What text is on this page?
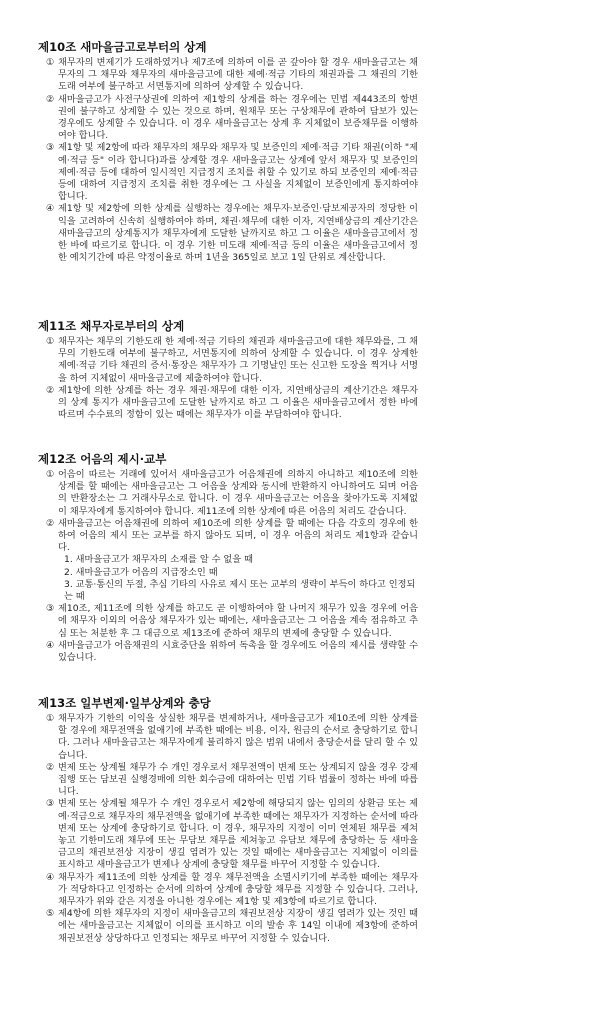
제10조 새마을금고로부터의 상계
① 채무자의 변제기가 도래하였거나 제7조에 의하여 이를 곧 갚아야 할 경우 새마을금고는 채무자의 그 채무와 채무자의 새마을금고에 대한 제예·적금 기타의 채권과를 그 채권의 기한도래 여부에 불구하고 서면통지에 의하여 상계할 수 있습니다.
② 새마을금고가 사전구상권에 의하여 제1항의 상계를 하는 경우에는 민법 제443조의 항변권에 불구하고 상계할 수 있는 것으로 하며, 원채무 또는 구상채무에 관하여 담보가 있는 경우에도 상계할 수 있습니다. 이 경우 새마을금고는 상계 후 지체없이 보증채무를 이행하여야 합니다.
③ 제1항 및 제2항에 따라 채무자의 채무와 채무자 및 보증인의 제예·적금 기타 채권(이하 "제예·적금 등" 이라 합니다)과를 상계할 경우 새마을금고는 상계에 앞서 채무자 및 보증인의 제예·적금 등에 대하여 일시적인 지급정지 조치를 취할 수 있기로 하되 보증인의 제예·적금 등에 대하여 지급정지 조치를 취한 경우에는 그 사실을 지체없이 보증인에게 통지하여야 합니다.
④ 제1항 및 제2항에 의한 상계를 실행하는 경우에는 채무자·보증인·담보제공자의 정당한 이익을 고려하여 신속히 실행하여야 하며, 채권·채무에 대한 이자, 지연배상금의 계산기간은 새마을금고의 상계통지가 채무자에게 도달한 날까지로 하고 그 이율은 새마을금고에서 정한 바에 따르기로 합니다. 이 경우 기한 미도래 제예·적금 등의 이율은 새마을금고에서 정한 예치기간에 따른 약정이율로 하며 1년을 365일로 보고 1일 단위로 계산합니다.
제11조 채무자로부터의 상계
① 채무자는 채무의 기한도래 한 제예·적금 기타의 채권과 새마을금고에 대한 채무와를, 그 채무의 기한도래 여부에 불구하고, 서면통지에 의하여 상계할 수 있습니다. 이 경우 상계한 제예·적금 기타 채권의 증서·통장은 채무자가 그 기명날인 또는 신고한 도장을 찍거나 서명을 하여 지체없이 새마을금고에 제출하여야 합니다.
② 제1항에 의한 상계를 하는 경우 채권·채무에 대한 이자, 지연배상금의 계산기간은 채무자의 상계 통지가 새마을금고에 도달한 날까지로 하고 그 이율은 새마을금고에서 정한 바에 따르며 수수료의 정함이 있는 때에는 채무자가 이를 부담하여야 합니다.
제12조 어음의 제시·교부
① 어음이 따르는 거래에 있어서 새마을금고가 어음채권에 의하지 아니하고 제10조에 의한 상계를 할 때에는 새마을금고는 그 어음을 상계와 동시에 반환하지 아니하여도 되며 어음의 반환장소는 그 거래사무소로 합니다. 이 경우 새마을금고는 어음을 찾아가도록 지체없이 채무자에게 통지하여야 합니다. 제11조에 의한 상계에 따른 어음의 처리도 같습니다.
② 새마을금고는 어음채권에 의하여 제10조에 의한 상계를 할 때에는 다음 각호의 경우에 한하여 어음의 제시 또는 교부를 하지 않아도 되며, 이 경우 어음의 처리도 제1항과 같습니다.
1. 새마을금고가 채무자의 소재를 알 수 없을 때
2. 새마을금고가 어음의 지급장소인 때
3. 교통·통신의 두절, 추심 기타의 사유로 제시 또는 교부의 생략이 부득이 하다고 인정되는 때
③ 제10조, 제11조에 의한 상계를 하고도 곧 이행하여야 할 나머지 채무가 있을 경우에 어음에 채무자 이외의 어음상 채무자가 있는 때에는, 새마을금고는 그 어음을 계속 점유하고 추심 또는 처분한 후 그 대금으로 제13조에 준하여 채무의 변제에 충당할 수 있습니다.
④ 새마을금고가 어음채권의 시효중단을 위하여 독촉을 할 경우에도 어음의 제시를 생략할 수 있습니다.
제13조 일부변제·일부상계와 충당
① 채무자가 기한의 이익을 상실한 채무를 변제하거나, 새마을금고가 제10조에 의한 상계를 할 경우에 채무전액을 없애기에 부족한 때에는 비용, 이자, 원금의 순서로 충당하기로 합니다. 그러나 새마을금고는 채무자에게 불리하지 않은 범위 내에서 충당순서를 달리 할 수 있습니다.
② 변제 또는 상계될 채무가 수 개인 경우로서 채무전액이 변제 또는 상계되지 않을 경우 강제집행 또는 담보권 실행경매에 의한 회수금에 대하여는 민법 기타 법률이 정하는 바에 따릅니다.
③ 변제 또는 상계될 채무가 수 개인 경우로서 제2항에 해당되지 않는 임의의 상환금 또는 제예·적금으로 채무자의 채무전액을 없애기에 부족한 때에는 채무자가 지정하는 순서에 따라 변제 또는 상계에 충당하기로 합니다. 이 경우, 채무자의 지정이 이미 연체된 채무를 제쳐놓고 기한미도래 채무에 또는 무담보 채무를 제쳐놓고 유담보 채무에 충당하는 등 새마을금고의 채권보전상 지장이 생길 염려가 있는 것일 때에는 새마을금고는 지체없이 이의를 표시하고 새마을금고가 변제나 상계에 충당할 채무를 바꾸어 지정할 수 있습니다.
④ 채무자가 제11조에 의한 상계를 할 경우 채무전액을 소멸시키기에 부족한 때에는 채무자가 적당하다고 인정하는 순서에 의하여 상계에 충당할 채무를 지정할 수 있습니다. 그러나, 채무자가 위와 같은 지정을 아니한 경우에는 제1항 및 제3항에 따르기로 합니다.
⑤ 제4항에 의한 채무자의 지정이 새마을금고의 채권보전상 지장이 생길 염려가 있는 것인 때에는 새마을금고는 지체없이 이의를 표시하고 이의 발송 후 14일 이내에 제3항에 준하여 채권보전상 상당하다고 인정되는 채무로 바꾸어 지정할 수 있습니다.
